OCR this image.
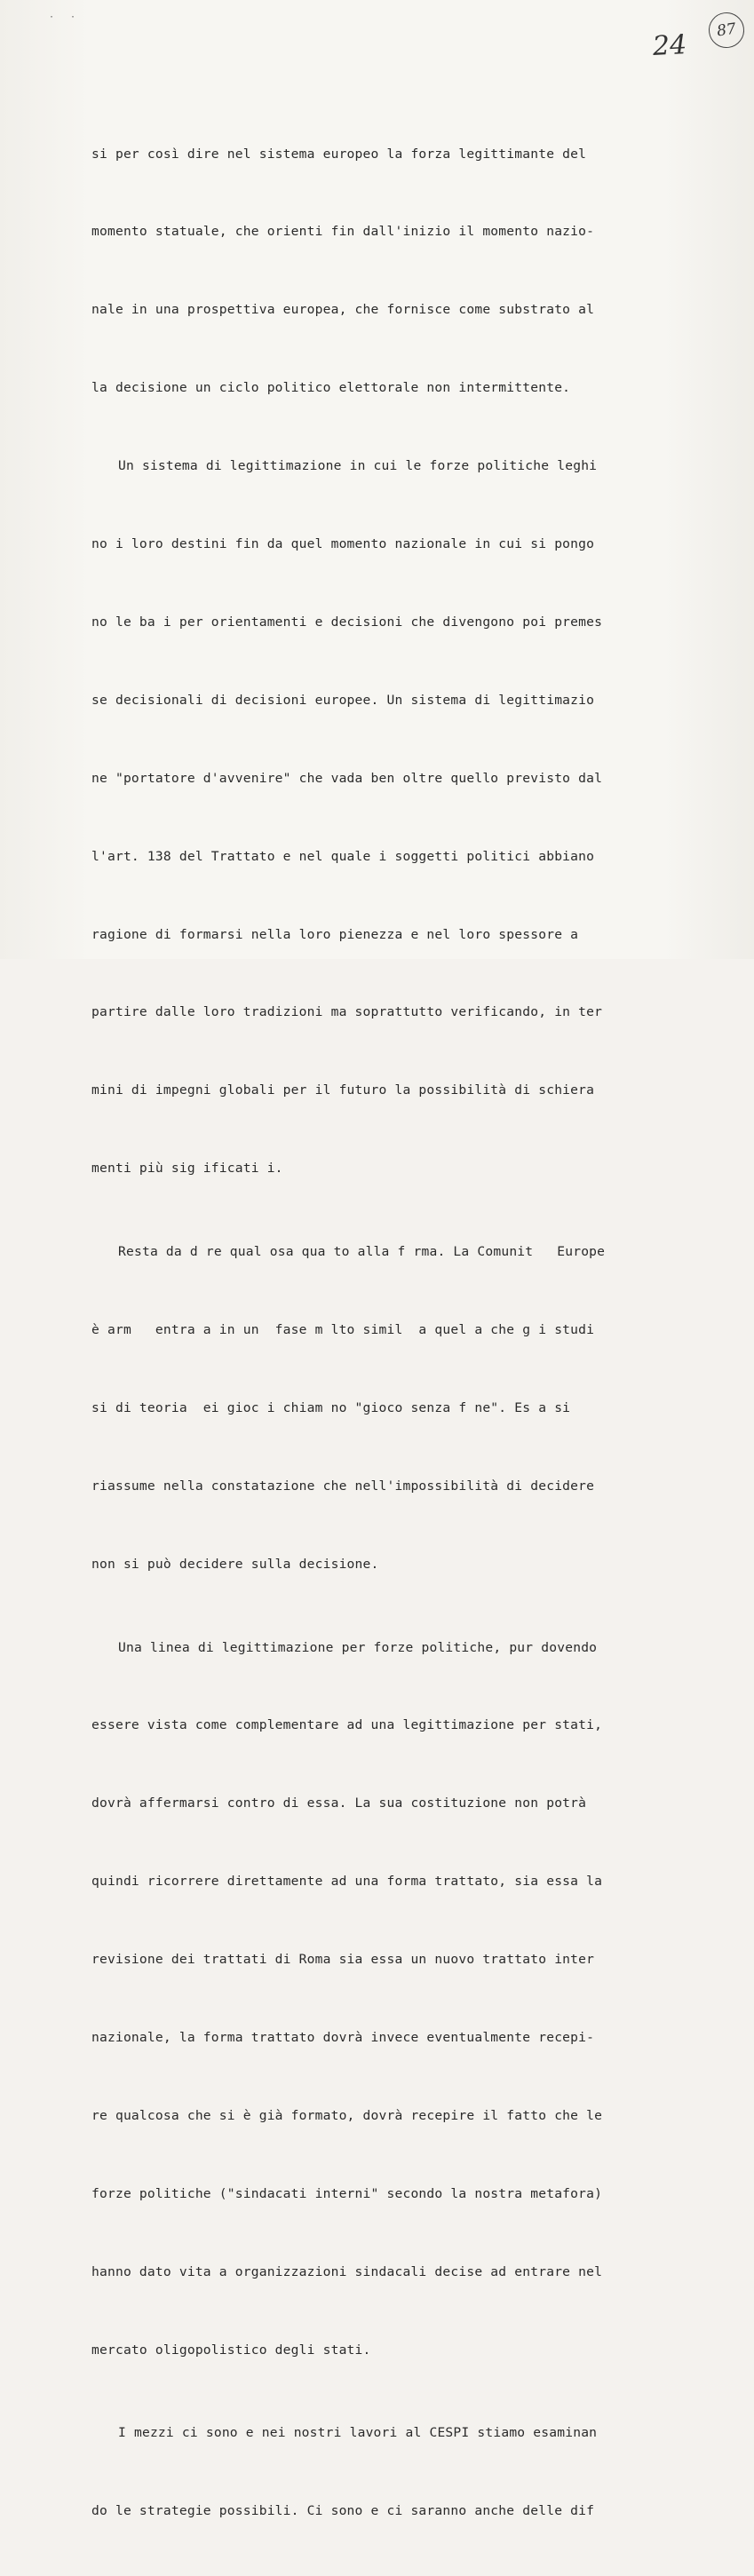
··
24 87

si per così dire nel sistema europeo la forza legittimante del

momento statuale, che orienti fin dall'inizio il momento nazio-

nale in una prospettiva europea, che fornisce come substrato al

la decisione un ciclo politico elettorale non intermittente.

Un sistema di legittimazione in cui le forze politiche leghi

no i loro destini fin da quel momento nazionale in cui si pongo

no le ba i per orientamenti e decisioni che divengono poi premes

se decisionali di decisioni europee. Un sistema di legittimazio

ne "portatore d'avvenire" che vada ben oltre quello previsto dal

l'art. 138 del Trattato e nel quale i soggetti politici abbiano

ragione di formarsi nella loro pienezza e nel loro spessore a

partire dalle loro tradizioni ma soprattutto verificando, in ter

mini di impegni globali per il futuro la possibilità di schiera

menti più sig ificati i.

Resta da d re qual osa qua to alla f rma. La Comunit   Europe

è arm   entra a in un  fase m lto simil  a quel a che g i studi

si di teoria  ei gioc i chiam no "gioco senza f ne". Es a si

riassume nella constatazione che nell'impossibilità di decidere

non si può decidere sulla decisione.

Una linea di legittimazione per forze politiche, pur dovendo

essere vista come complementare ad una legittimazione per stati,

dovrà affermarsi contro di essa. La sua costituzione non potrà

quindi ricorrere direttamente ad una forma trattato, sia essa la

revisione dei trattati di Roma sia essa un nuovo trattato inter

nazionale, la forma trattato dovrà invece eventualmente recepi-

re qualcosa che si è già formato, dovrà recepire il fatto che le

forze politiche ("sindacati interni" secondo la nostra metafora)

hanno dato vita a organizzazioni sindacali decise ad entrare nel

mercato oligopolistico degli stati.

I mezzi ci sono e nei nostri lavori al CESPI stiamo esaminan

do le strategie possibili. Ci sono e ci saranno anche delle dif
